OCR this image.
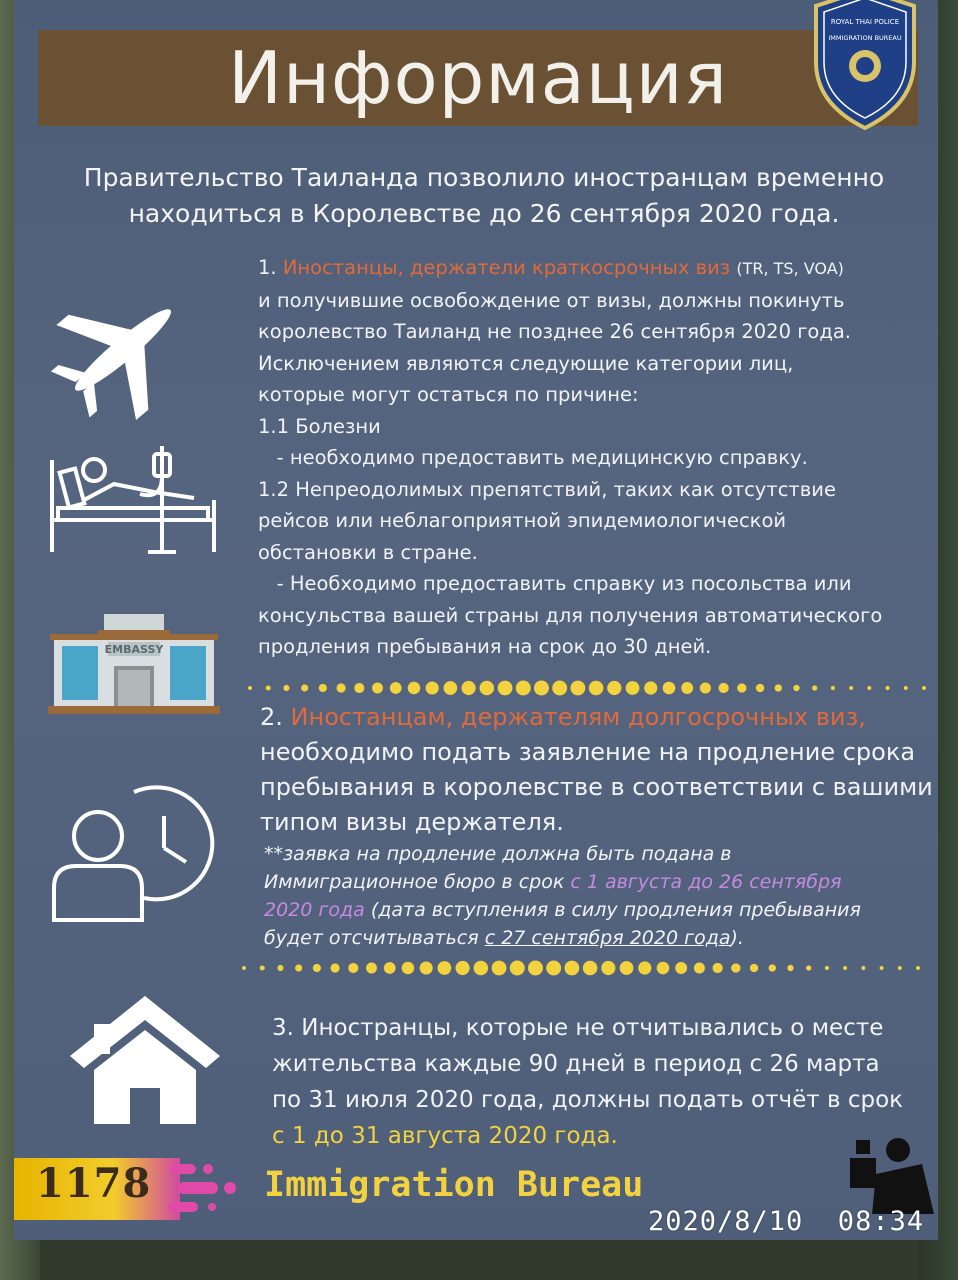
Информация
ROYAL THAI POLICE
IMMIGRATION BUREAU
Правительство Таиланда позволило иностранцам временно
находиться в Королевстве до 26 сентября 2020 года.
1. Иностанцы, держатели краткосрочных виз (TR, TS, VOA)
и получившие освобождение от визы, должны покинуть
королевство Таиланд не позднее 26 сентября 2020 года.
Исключением являются следующие категории лиц,
которые могут остаться по причине:
1.1 Болезни
- необходимо предоставить медицинскую справку.
1.2 Непреодолимых препятствий, таких как отсутствие
рейсов или неблагоприятной эпидемиологической
обстановки в стране.
- Необходимо предоставить справку из посольства или
консульства вашей страны для получения автоматического
продления пребывания на срок до 30 дней.
2. Иностанцам, держателям долгосрочных виз,
необходимо подать заявление на продление срока
пребывания в королевстве в соответствии с вашими
типом визы держателя.
**заявка на продление должна быть подана в
Иммиграционное бюро в срок с 1 августа до 26 сентября
2020 года (дата вступления в силу продления пребывания
будет отсчитываться с 27 сентября 2020 года).
3. Иностранцы, которые не отчитывались о месте
жительства каждые 90 дней в период с 26 марта
по 31 июля 2020 года, должны подать отчёт в срок
с 1 до 31 августа 2020 года.
EMBASSY
1178	Immigration Bureau
2020/8/10  08:34
